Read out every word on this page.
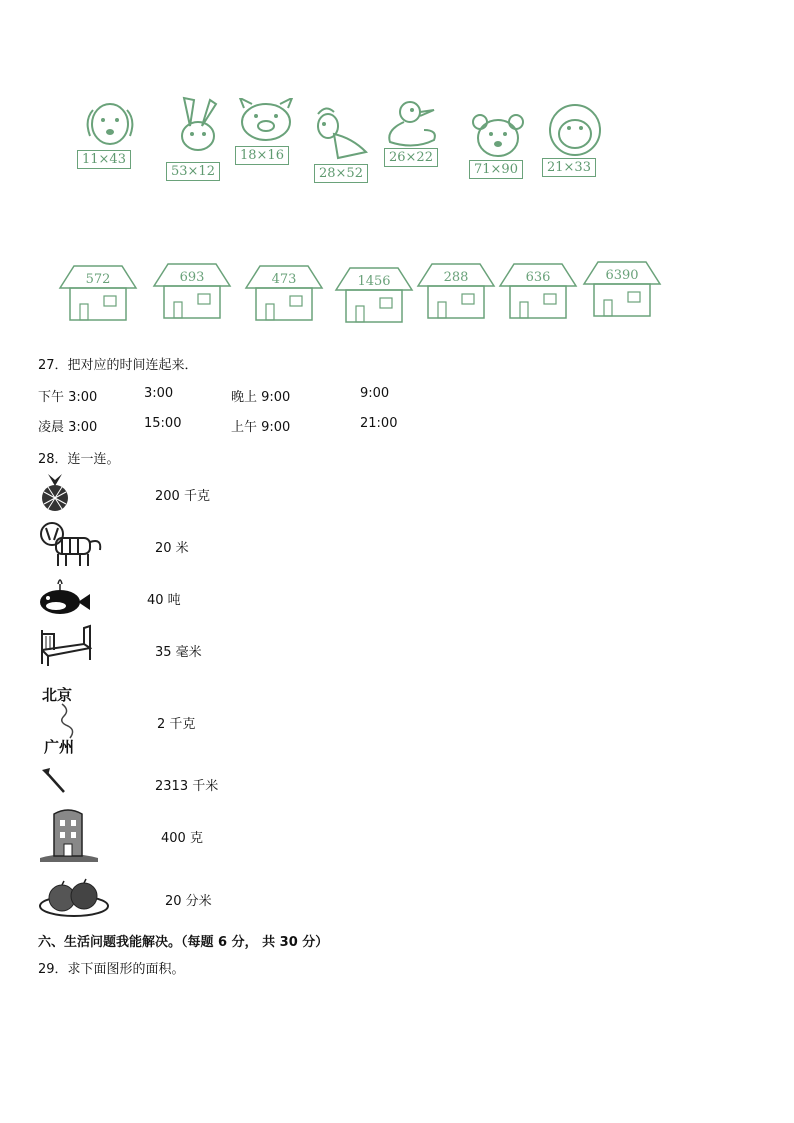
11×43
53×12
18×16
28×52
26×22
71×90	21×33
572	693	473	1456	288	636	6390
27．把对应的时间连起来．
下午 3:00	3:00	晚上 9:00	9:00
凌晨 3:00	15:00	上午 9:00	21:00
28．连一连。
200 千克
20 米
40 吨
35 毫米
北京
广州
2 千克
2313 千米
400 克
20 分米
六、生活问题我能解决。（每题 6 分， 共 30 分）
29．求下面图形的面积。
